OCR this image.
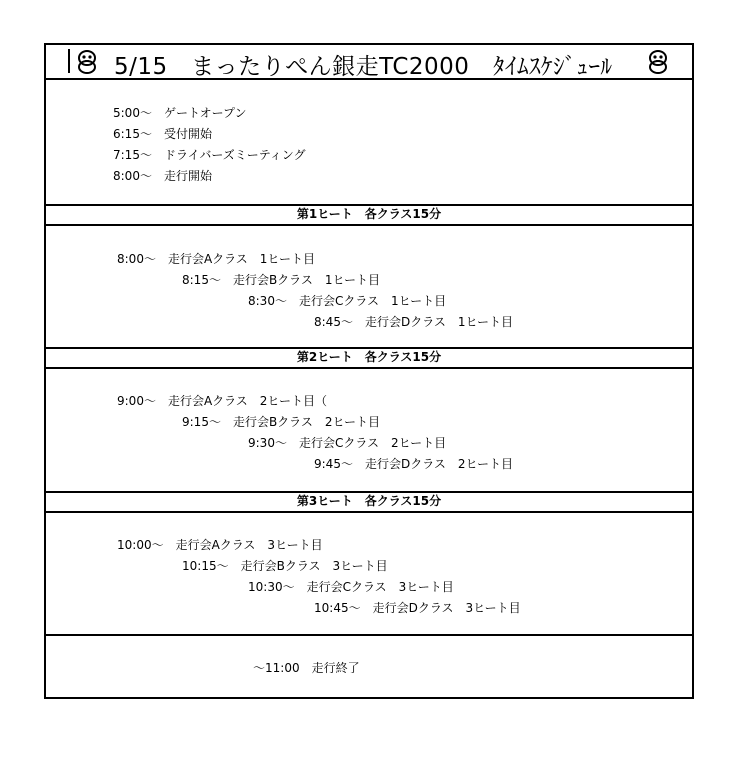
5/15　まったりぺん銀走TC2000　ﾀｲﾑｽｹｼﾞｭｰﾙ
5:00～　ゲートオープン
6:15～　受付開始
7:15～　ドライバーズミーティング
8:00～　走行開始
第1ヒート　各クラス15分
8:00～　走行会Aクラス　1ヒート目
8:15～　走行会Bクラス　1ヒート目
8:30～　走行会Cクラス　1ヒート目
8:45～　走行会Dクラス　1ヒート目
第2ヒート　各クラス15分
9:00～　走行会Aクラス　2ヒート目（
9:15～　走行会Bクラス　2ヒート目
9:30～　走行会Cクラス　2ヒート目
9:45～　走行会Dクラス　2ヒート目
第3ヒート　各クラス15分
10:00～　走行会Aクラス　3ヒート目
10:15～　走行会Bクラス　3ヒート目
10:30～　走行会Cクラス　3ヒート目
10:45～　走行会Dクラス　3ヒート目
～11:00　走行終了
